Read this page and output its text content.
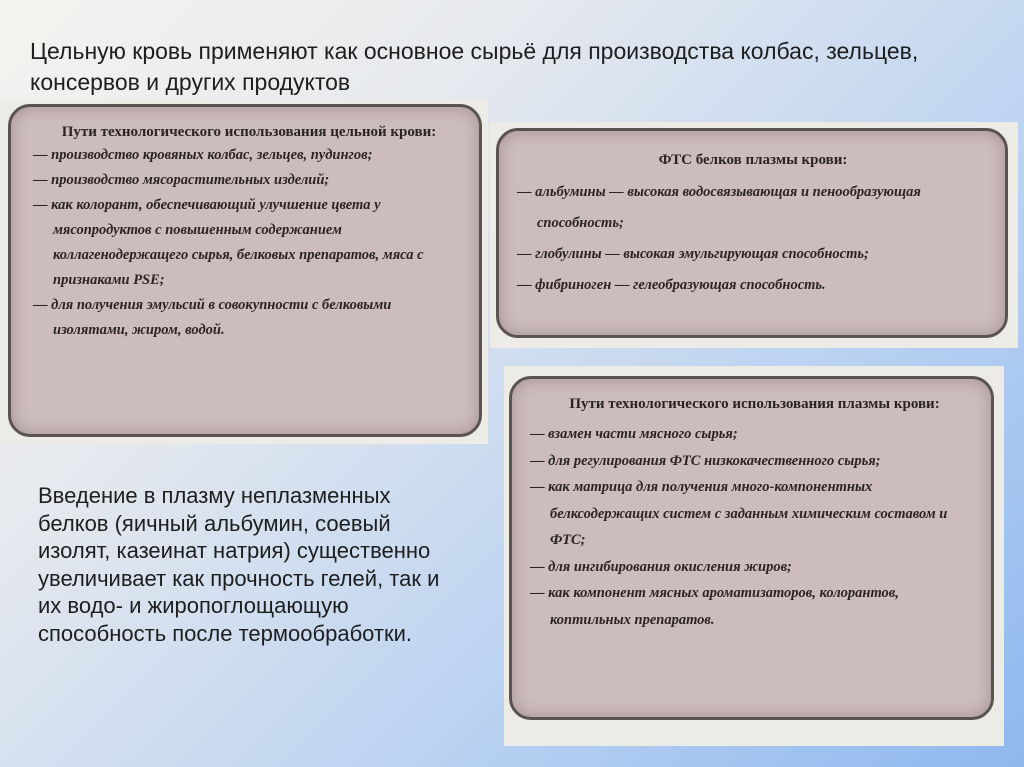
Цельную кровь применяют как основное сырьё для производства колбас, зельцев, консервов и других продуктов
Пути технологического использования цельной крови:
— производство кровяных колбас, зельцев, пудингов;
— производство мясорастительных изделий;
— как колорант, обеспечивающий улучшение цвета у мясопродуктов с повышенным содержанием коллагенодержащего сырья, белковых препаратов, мяса с признаками PSE;
— для получения эмульсий в совокупности с белковыми изолятами, жиром, водой.
ФТС белков плазмы крови:
— альбумины — высокая водосвязывающая и пенообразующая способность;
— глобулины — высокая эмульгирующая способность;
— фибриноген — гелеобразующая способность.
Пути технологического использования плазмы крови:
— взамен части мясного сырья;
— для регулирования ФТС низкокачественного сырья;
— как матрица для получения много-компонентных белксодержащих систем с заданным химическим составом и ФТС;
— для ингибирования окисления жиров;
— как компонент мясных ароматизаторов, колорантов, коптильных препаратов.
Введение в плазму неплазменных белков (яичный альбумин, соевый изолят, казеинат натрия) существенно увеличивает как прочность гелей, так и их водо- и жиропоглощающую способность после термообработки.
